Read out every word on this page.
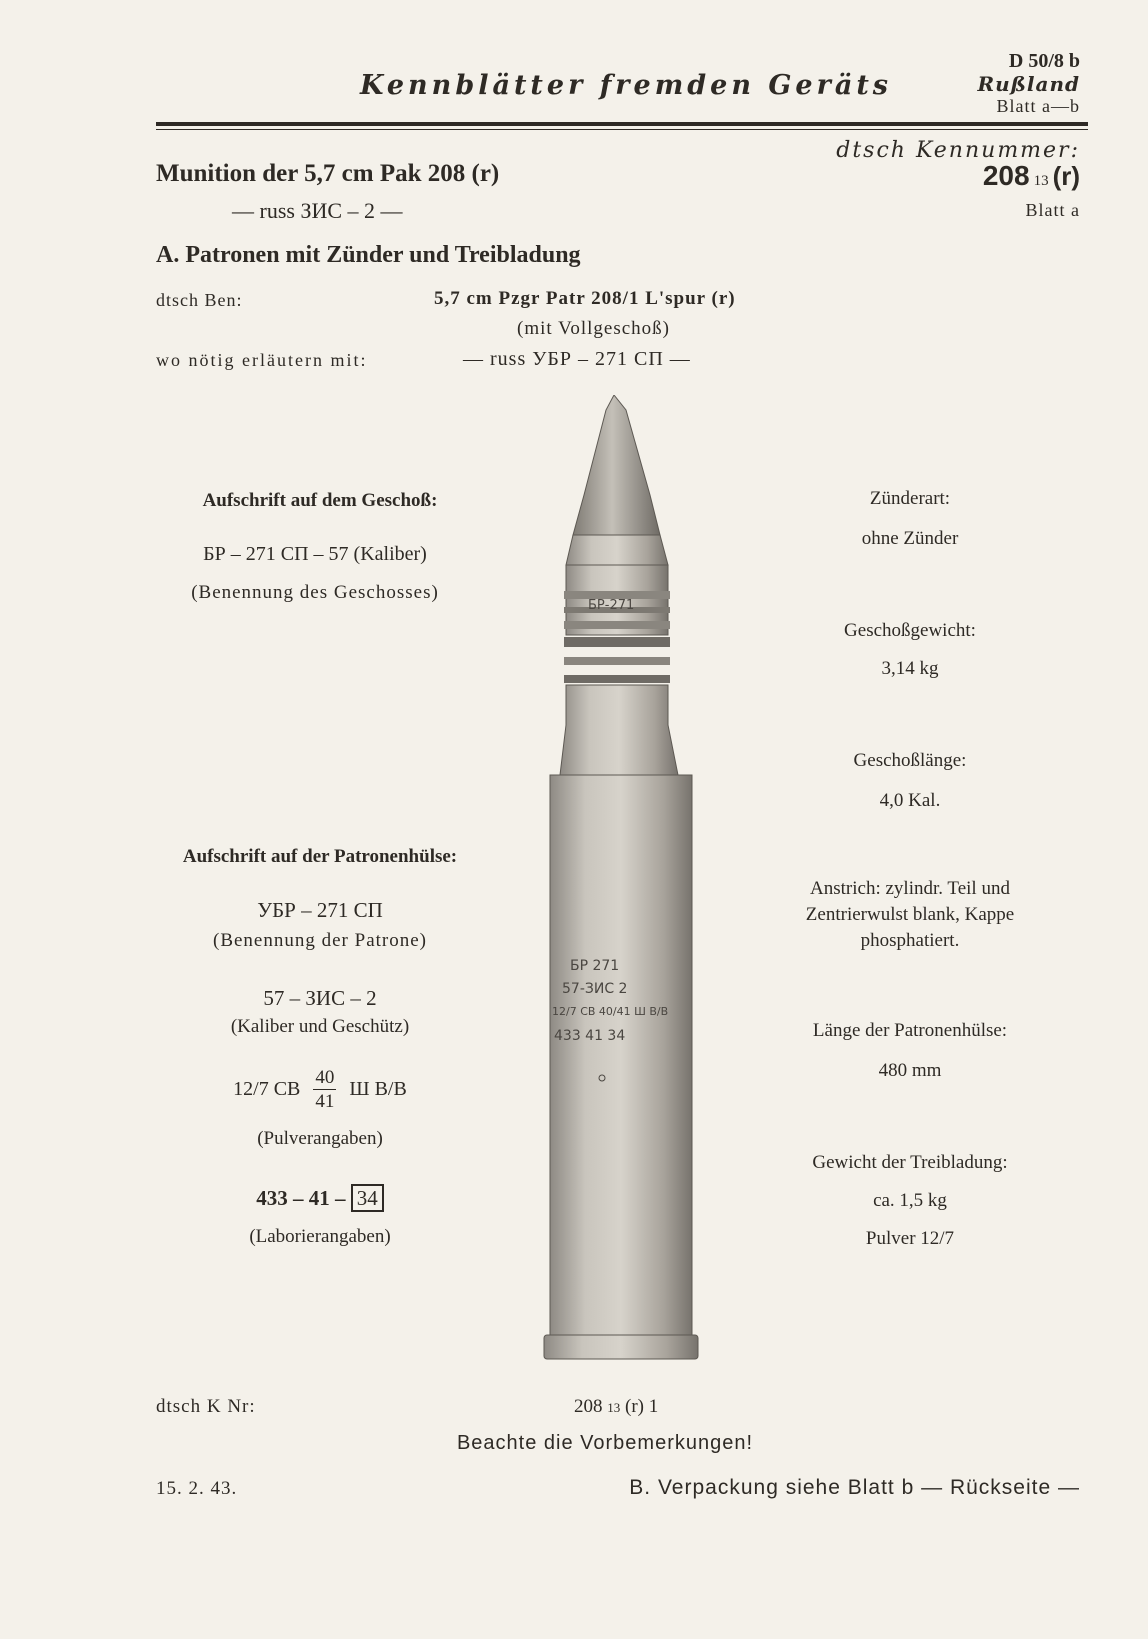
Kennblätter fremden Geräts
D 50/8 b
Rußland
Blatt a—b
dtsch Kennummer:
208 13 (r)
Blatt a
Munition der 5,7 cm Pak 208 (r)
— russ ЗИС – 2 —
A. Patronen mit Zünder und Treibladung
dtsch Ben:	5,7 cm Pzgr Patr 208/1 L'spur (r)
(mit Vollgeschoß)
wo nötig erläutern mit:	— russ УБР – 271 СП —
БР-271
БР 271
57-ЗИС 2
12/7 СВ 40/41 Ш В/В
433 41 34
Aufschrift auf dem Geschoß:
БР – 271 СП – 57 (Kaliber)
(Benennung des Geschosses)
Aufschrift auf der Patronenhülse:
УБР – 271 СП
(Benennung der Patrone)
57 – ЗИС – 2
(Kaliber und Geschütz)
12/7 CB $\frac{40}{41}$ Ш В/В
(Pulverangaben)
433 – 41 – 34
(Laborierangaben)
Zünderart:
ohne Zünder
Geschoßgewicht:
3,14 kg
Geschoßlänge:
4,0 Kal.
Anstrich: zylindr. Teil und
Zentrierwulst blank, Kappe
phosphatiert.
Länge der Patronenhülse:
480 mm
Gewicht der Treibladung:
ca. 1,5 kg
Pulver 12/7
dtsch K Nr:	208 13 (r) 1
Beachte die Vorbemerkungen!
15. 2. 43.	B. Verpackung siehe Blatt b — Rückseite —
